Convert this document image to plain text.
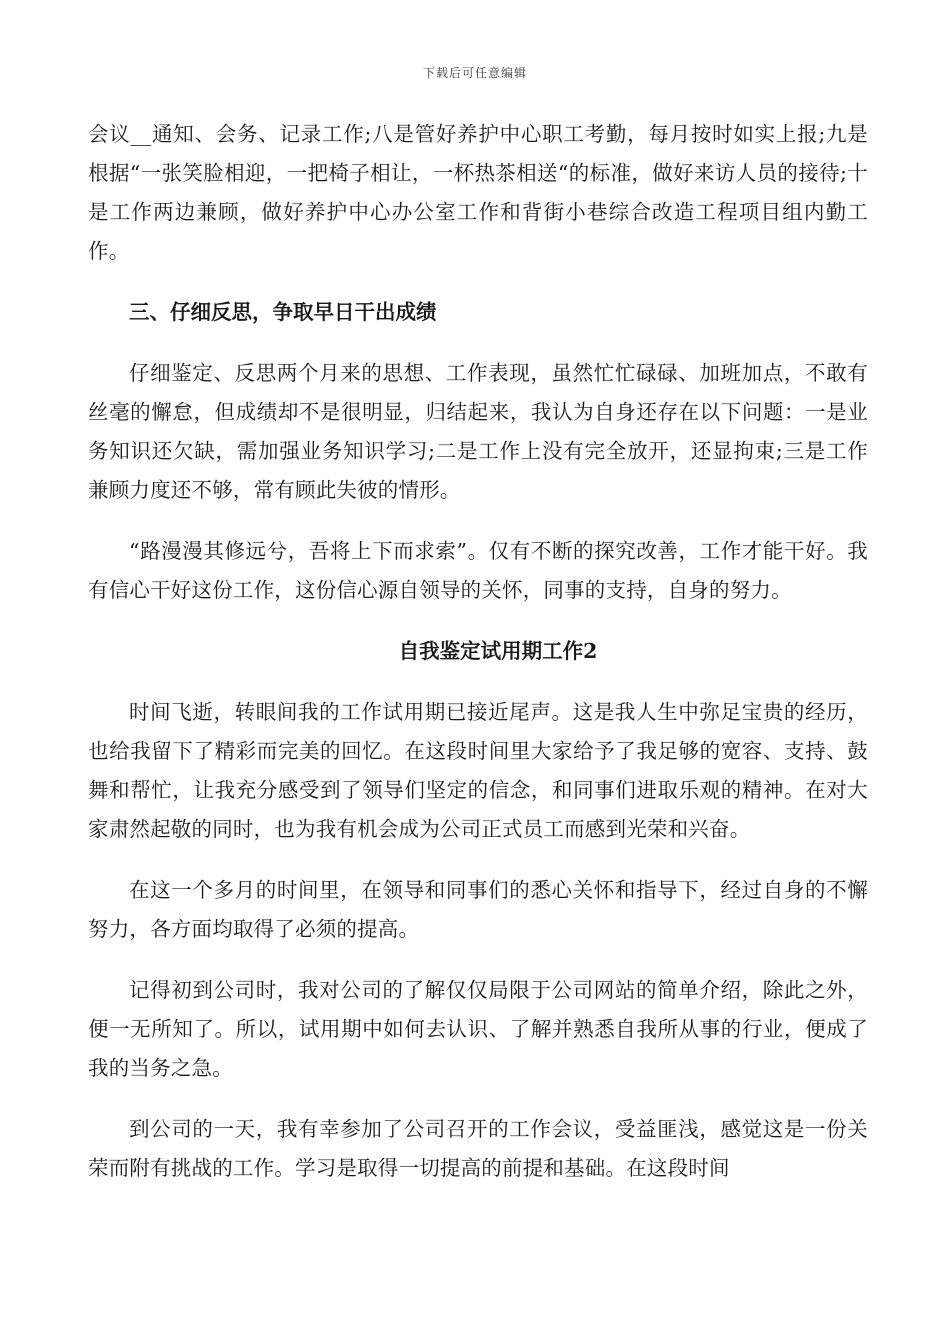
下载后可任意编辑

会议__通知、会务、记录工作;八是管好养护中心职工考勤，每月按时如实上报;九是根据“一张笑脸相迎，一把椅子相让，一杯热茶相送“的标准，做好来访人员的接待;十是工作两边兼顾，做好养护中心办公室工作和背街小巷综合改造工程项目组内勤工作。

三、仔细反思，争取早日干出成绩

仔细鉴定、反思两个月来的思想、工作表现，虽然忙忙碌碌、加班加点，不敢有丝毫的懈怠，但成绩却不是很明显，归结起来，我认为自身还存在以下问题：一是业务知识还欠缺，需加强业务知识学习;二是工作上没有完全放开，还显拘束;三是工作兼顾力度还不够，常有顾此失彼的情形。

“路漫漫其修远兮，吾将上下而求索”。仅有不断的探究改善，工作才能干好。我有信心干好这份工作，这份信心源自领导的关怀，同事的支持，自身的努力。

自我鉴定试用期工作2

时间飞逝，转眼间我的工作试用期已接近尾声。这是我人生中弥足宝贵的经历，也给我留下了精彩而完美的回忆。在这段时间里大家给予了我足够的宽容、支持、鼓舞和帮忙，让我充分感受到了领导们坚定的信念，和同事们进取乐观的精神。在对大家肃然起敬的同时，也为我有机会成为公司正式员工而感到光荣和兴奋。

在这一个多月的时间里，在领导和同事们的悉心关怀和指导下，经过自身的不懈努力，各方面均取得了必须的提高。

记得初到公司时，我对公司的了解仅仅局限于公司网站的简单介绍，除此之外，便一无所知了。所以，试用期中如何去认识、了解并熟悉自我所从事的行业，便成了我的当务之急。

到公司的一天，我有幸参加了公司召开的工作会议，受益匪浅，感觉这是一份关荣而附有挑战的工作。学习是取得一切提高的前提和基础。在这段时间
